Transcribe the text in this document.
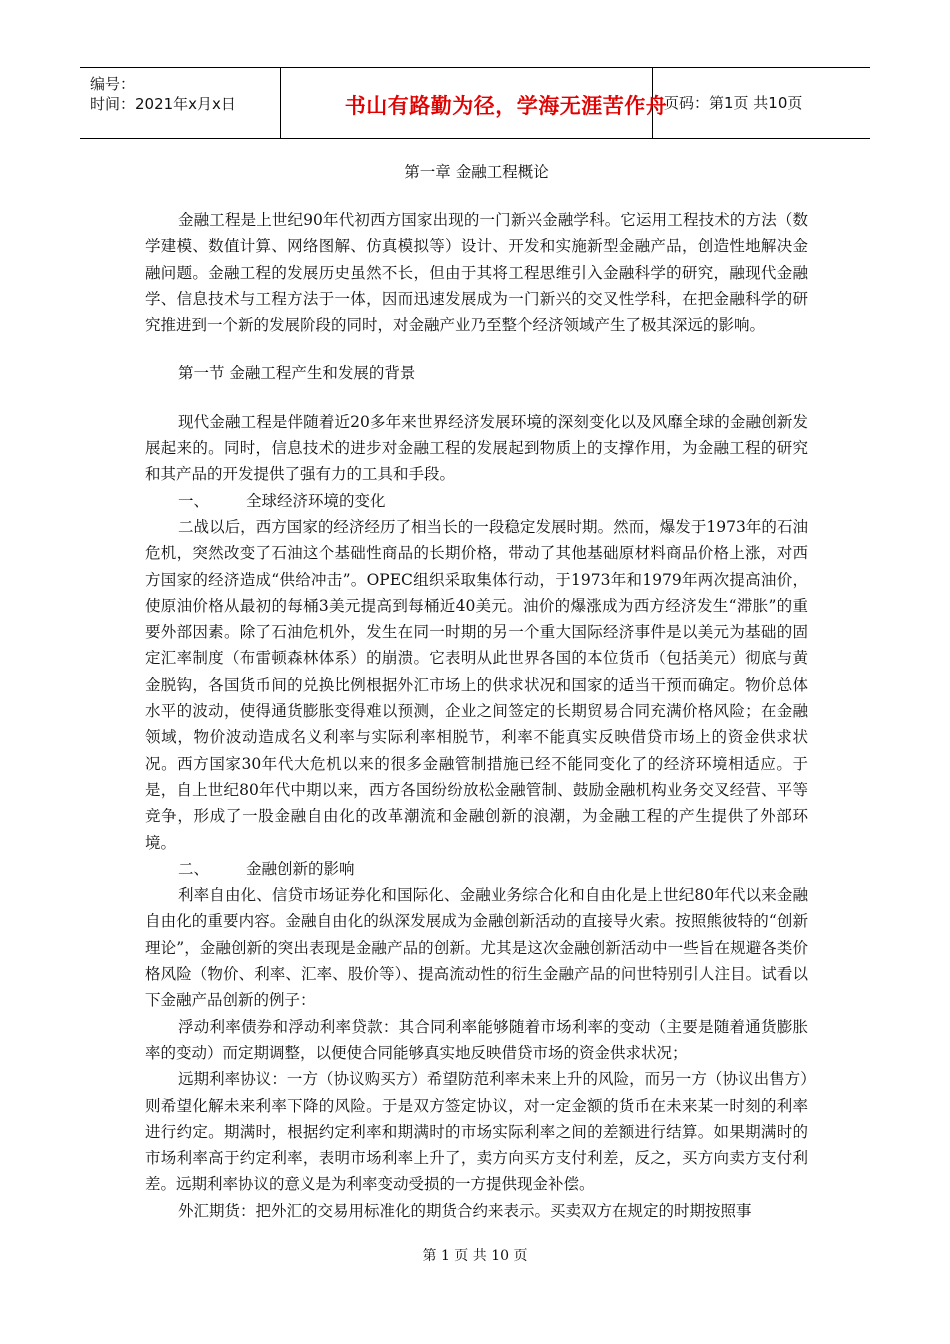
编号：
时间：2021年x月x日	书山有路勤为径，学海无涯苦作舟
页码：第1页 共10页
第一章 金融工程概论

金融工程是上世纪90年代初西方国家出现的一门新兴金融学科。它运用工程技术的方法（数学建模、数值计算、网络图解、仿真模拟等）设计、开发和实施新型金融产品，创造性地解决金融问题。金融工程的发展历史虽然不长，但由于其将工程思维引入金融科学的研究，融现代金融学、信息技术与工程方法于一体，因而迅速发展成为一门新兴的交叉性学科，在把金融科学的研究推进到一个新的发展阶段的同时，对金融产业乃至整个经济领域产生了极其深远的影响。

第一节 金融工程产生和发展的背景

现代金融工程是伴随着近20多年来世界经济发展环境的深刻变化以及风靡全球的金融创新发展起来的。同时，信息技术的进步对金融工程的发展起到物质上的支撑作用，为金融工程的研究和其产品的开发提供了强有力的工具和手段。

一、 全球经济环境的变化

二战以后，西方国家的经济经历了相当长的一段稳定发展时期。然而，爆发于1973年的石油危机，突然改变了石油这个基础性商品的长期价格，带动了其他基础原材料商品价格上涨，对西方国家的经济造成“供给冲击”。OPEC组织采取集体行动，于1973年和1979年两次提高油价，使原油价格从最初的每桶3美元提高到每桶近40美元。油价的爆涨成为西方经济发生“滞胀”的重要外部因素。除了石油危机外，发生在同一时期的另一个重大国际经济事件是以美元为基础的固定汇率制度（布雷顿森林体系）的崩溃。它表明从此世界各国的本位货币（包括美元）彻底与黄金脱钩，各国货币间的兑换比例根据外汇市场上的供求状况和国家的适当干预而确定。物价总体水平的波动，使得通货膨胀变得难以预测，企业之间签定的长期贸易合同充满价格风险；在金融领域，物价波动造成名义利率与实际利率相脱节，利率不能真实反映借贷市场上的资金供求状况。西方国家30年代大危机以来的很多金融管制措施已经不能同变化了的经济环境相适应。于是，自上世纪80年代中期以来，西方各国纷纷放松金融管制、鼓励金融机构业务交叉经营、平等竞争，形成了一股金融自由化的改革潮流和金融创新的浪潮，为金融工程的产生提供了外部环境。

二、 金融创新的影响

利率自由化、信贷市场证券化和国际化、金融业务综合化和自由化是上世纪80年代以来金融自由化的重要内容。金融自由化的纵深发展成为金融创新活动的直接导火索。按照熊彼特的“创新理论”，金融创新的突出表现是金融产品的创新。尤其是这次金融创新活动中一些旨在规避各类价格风险（物价、利率、汇率、股价等）、提高流动性的衍生金融产品的问世特别引人注目。试看以下金融产品创新的例子：

浮动利率债券和浮动利率贷款：其合同利率能够随着市场利率的变动（主要是随着通货膨胀率的变动）而定期调整，以便使合同能够真实地反映借贷市场的资金供求状况；

远期利率协议：一方（协议购买方）希望防范利率未来上升的风险，而另一方（协议出售方）则希望化解未来利率下降的风险。于是双方签定协议，对一定金额的货币在未来某一时刻的利率进行约定。期满时，根据约定利率和期满时的市场实际利率之间的差额进行结算。如果期满时的市场利率高于约定利率，表明市场利率上升了，卖方向买方支付利差，反之，买方向卖方支付利差。远期利率协议的意义是为利率变动受损的一方提供现金补偿。

外汇期货：把外汇的交易用标准化的期货合约来表示。买卖双方在规定的时期按照事

第 1 页 共 10 页
